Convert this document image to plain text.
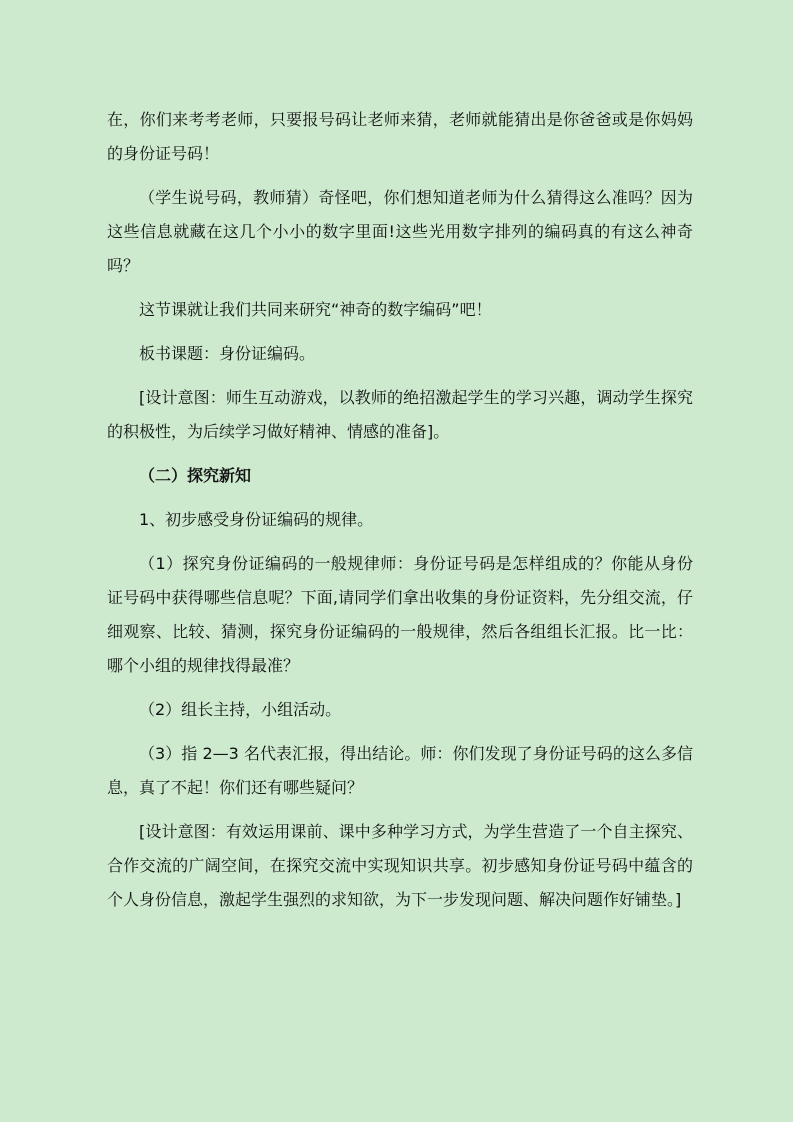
在，你们来考考老师，只要报号码让老师来猜，老师就能猜出是你爸爸或是你妈妈的身份证号码！

（学生说号码，教师猜）奇怪吧，你们想知道老师为什么猜得这么准吗？因为这些信息就藏在这几个小小的数字里面!这些光用数字排列的编码真的有这么神奇吗？

这节课就让我们共同来研究“神奇的数字编码”吧！

板书课题：身份证编码。

[设计意图：师生互动游戏，以教师的绝招激起学生的学习兴趣，调动学生探究的积极性，为后续学习做好精神、情感的准备]。

（二）探究新知

1、初步感受身份证编码的规律。

（1）探究身份证编码的一般规律师：身份证号码是怎样组成的？你能从身份证号码中获得哪些信息呢？下面,请同学们拿出收集的身份证资料，先分组交流，仔细观察、比较、猜测，探究身份证编码的一般规律，然后各组组长汇报。比一比：哪个小组的规律找得最准？

（2）组长主持，小组活动。

（3）指 2—3 名代表汇报，得出结论。师：你们发现了身份证号码的这么多信息，真了不起！你们还有哪些疑问？

[设计意图：有效运用课前、课中多种学习方式，为学生营造了一个自主探究、合作交流的广阔空间，在探究交流中实现知识共享。初步感知身份证号码中蕴含的个人身份信息，激起学生强烈的求知欲，为下一步发现问题、解决问题作好铺垫。]
